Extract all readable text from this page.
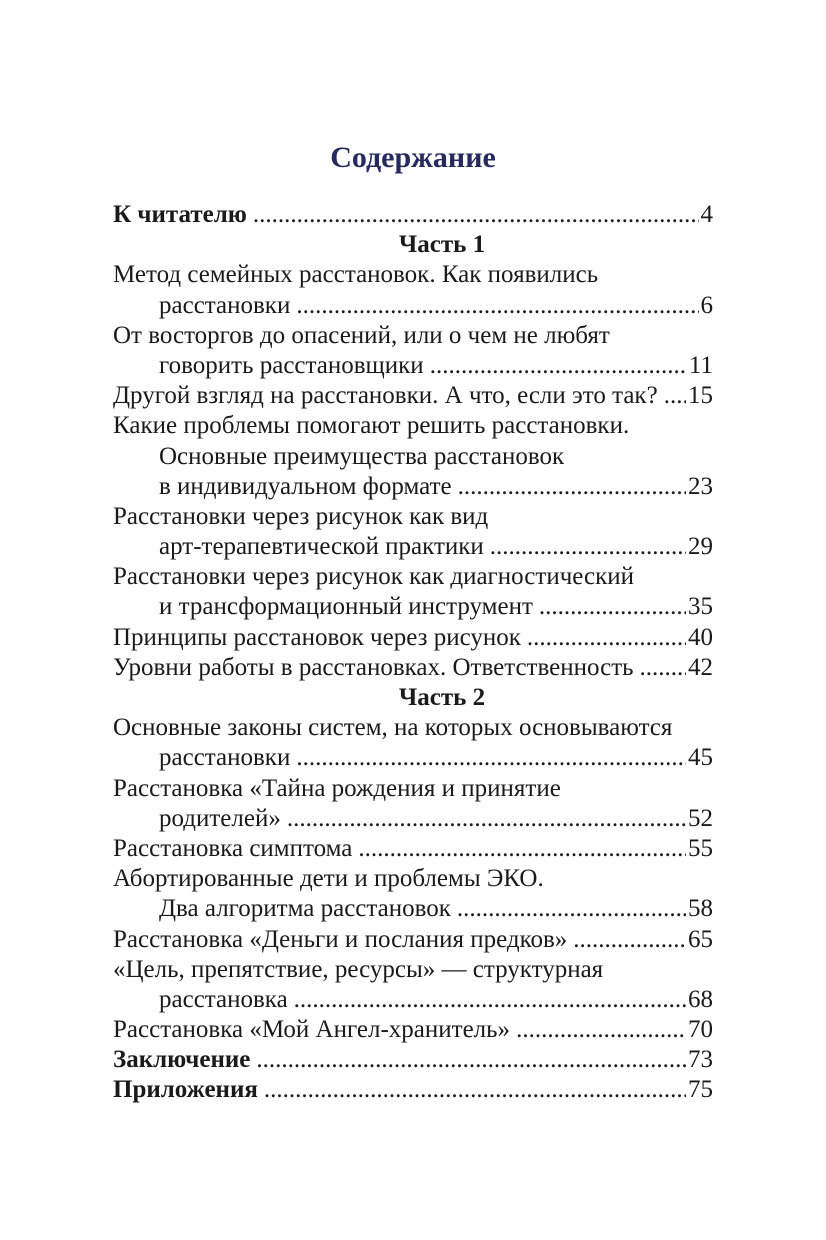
Содержание
К читателю .....	4
Часть 1
Метод семейных расстановок. Как появились
расстановки .....	6
От восторгов до опасений, или о чем не любят
говорить расстановщики .....	11
Другой взгляд на расстановки. А что, если это так? ..... 15
Какие проблемы помогают решить расстановки.
Основные преимущества расстановок
в индивидуальном формате .....	23
Расстановки через рисунок как вид
арт-терапевтической практики .....	29
Расстановки через рисунок как диагностический
и трансформационный инструмент .....	35
Принципы расстановок через рисунок .....	40
Уровни работы в расстановках. Ответственность ..... 42
Часть 2
Основные законы систем, на которых основываются
расстановки .....	45
Расстановка «Тайна рождения и принятие
родителей» .....	52
Расстановка симптома .....	55
Абортированные дети и проблемы ЭКО.
Два алгоритма расстановок .....	58
Расстановка «Деньги и послания предков» .....	65
«Цель, препятствие, ресурсы» — структурная
расстановка .....	68
Расстановка «Мой Ангел-хранитель» .....	70
Заключение .....	73
Приложения .....	75
